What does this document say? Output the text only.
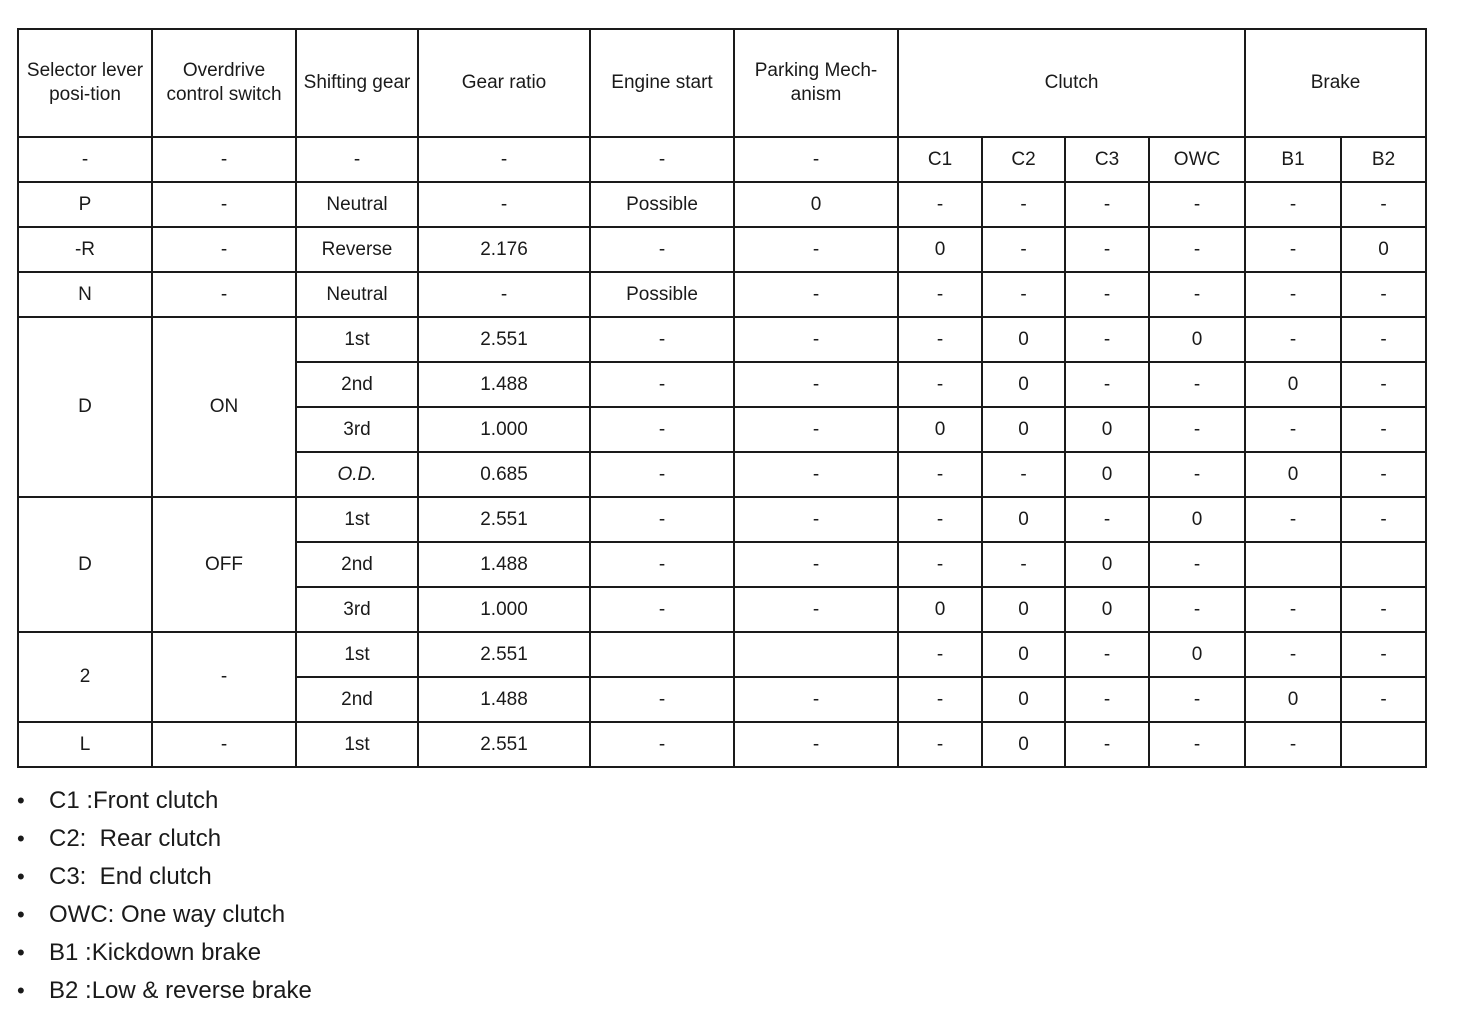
Selector lever posi-tion	Overdrive control switch	Shifting gear	Gear ratio	Engine start	Parking Mech-anism	Clutch				Brake	
-	-	-	-	-	-	C1	C2	C3	OWC	B1	B2
P	-	Neutral	-	Possible	0	-	-	-	-	-	-
-R	-	Reverse	2.176	-	-	0	-	-	-	-	0
N	-	Neutral	-	Possible	-	-	-	-	-	-	-
D	ON	1st	2.551	-	-	-	0	-	0	-	-
		2nd	1.488	-	-	-	0	-	-	0	-
		3rd	1.000	-	-	0	0	0	-	-	-
		O.D.	0.685	-	-	-	-	0	-	0	-
D	OFF	1st	2.551	-	-	-	0	-	0	-	-
		2nd	1.488	-	-	-	-	0	-		
		3rd	1.000	-	-	0	0	0	-	-	-
2	-	1st	2.551			-	0	-	0	-	-
		2nd	1.488	-	-	-	0	-	-	0	-
L	-	1st	2.551	-	-	-	0	-	-	-	
• C1 :Front clutch
• C2:  Rear clutch
• C3:  End clutch
• OWC: One way clutch
• B1 :Kickdown brake
• B2 :Low & reverse brake
